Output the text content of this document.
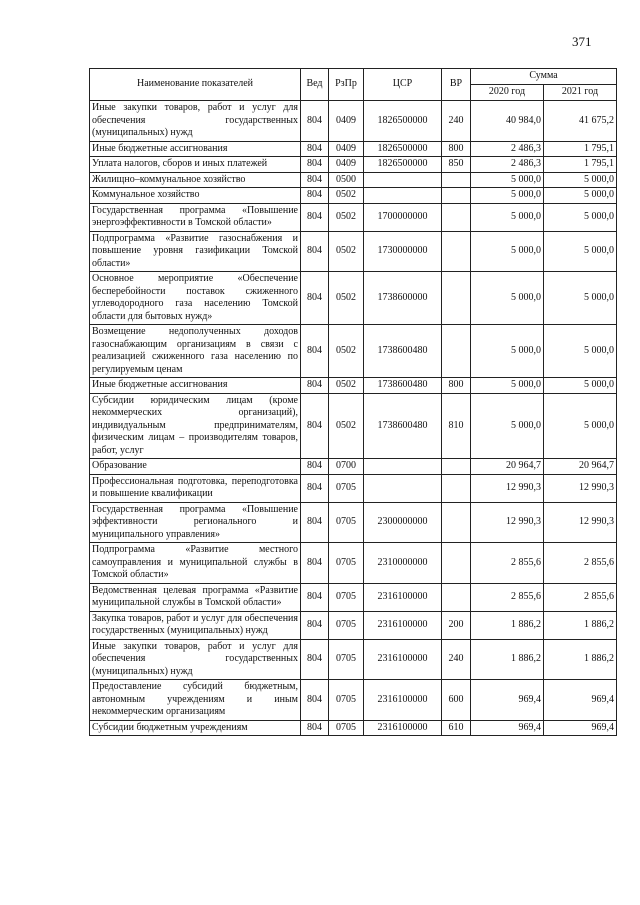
371
Наименование показателей	Вед	РзПр	ЦСР	ВР	Сумма	
					2020 год	2021 год
Иные закупки товаров, работ и услуг для обеспечения государственных (муниципальных) нужд	804	0409	1826500000	240	40 984,0	41 675,2
Иные бюджетные ассигнования	804	0409	1826500000	800	2 486,3	1 795,1
Уплата налогов, сборов и иных платежей	804	0409	1826500000	850	2 486,3	1 795,1
Жилищно–коммунальное хозяйство	804	0500			5 000,0	5 000,0
Коммунальное хозяйство	804	0502			5 000,0	5 000,0
Государственная программа «Повышение энергоэффективности в Томской области»	804	0502	1700000000		5 000,0	5 000,0
Подпрограмма «Развитие газоснабжения и повышение уровня газификации Томской области»	804	0502	1730000000		5 000,0	5 000,0
Основное мероприятие «Обеспечение бесперебойности поставок сжиженного углеводородного газа населению Томской области для бытовых нужд»	804	0502	1738600000		5 000,0	5 000,0
Возмещение недополученных доходов газоснабжающим организациям в связи с реализацией сжиженного газа населению по регулируемым ценам	804	0502	1738600480		5 000,0	5 000,0
Иные бюджетные ассигнования	804	0502	1738600480	800	5 000,0	5 000,0
Субсидии юридическим лицам (кроме некоммерческих организаций), индивидуальным предпринимателям, физическим лицам – производителям товаров, работ, услуг	804	0502	1738600480	810	5 000,0	5 000,0
Образование	804	0700			20 964,7	20 964,7
Профессиональная подготовка, переподготовка и повышение квалификации	804	0705			12 990,3	12 990,3
Государственная программа «Повышение эффективности регионального и муниципального управления»	804	0705	2300000000		12 990,3	12 990,3
Подпрограмма «Развитие местного самоуправления и муниципальной службы в Томской области»	804	0705	2310000000		2 855,6	2 855,6
Ведомственная целевая программа «Развитие муниципальной службы в Томской области»	804	0705	2316100000		2 855,6	2 855,6
Закупка товаров, работ и услуг для обеспечения государственных (муниципальных) нужд	804	0705	2316100000	200	1 886,2	1 886,2
Иные закупки товаров, работ и услуг для обеспечения государственных (муниципальных) нужд	804	0705	2316100000	240	1 886,2	1 886,2
Предоставление субсидий бюджетным, автономным учреждениям и иным некоммерческим организациям	804	0705	2316100000	600	969,4	969,4
Субсидии бюджетным учреждениям	804	0705	2316100000	610	969,4	969,4
